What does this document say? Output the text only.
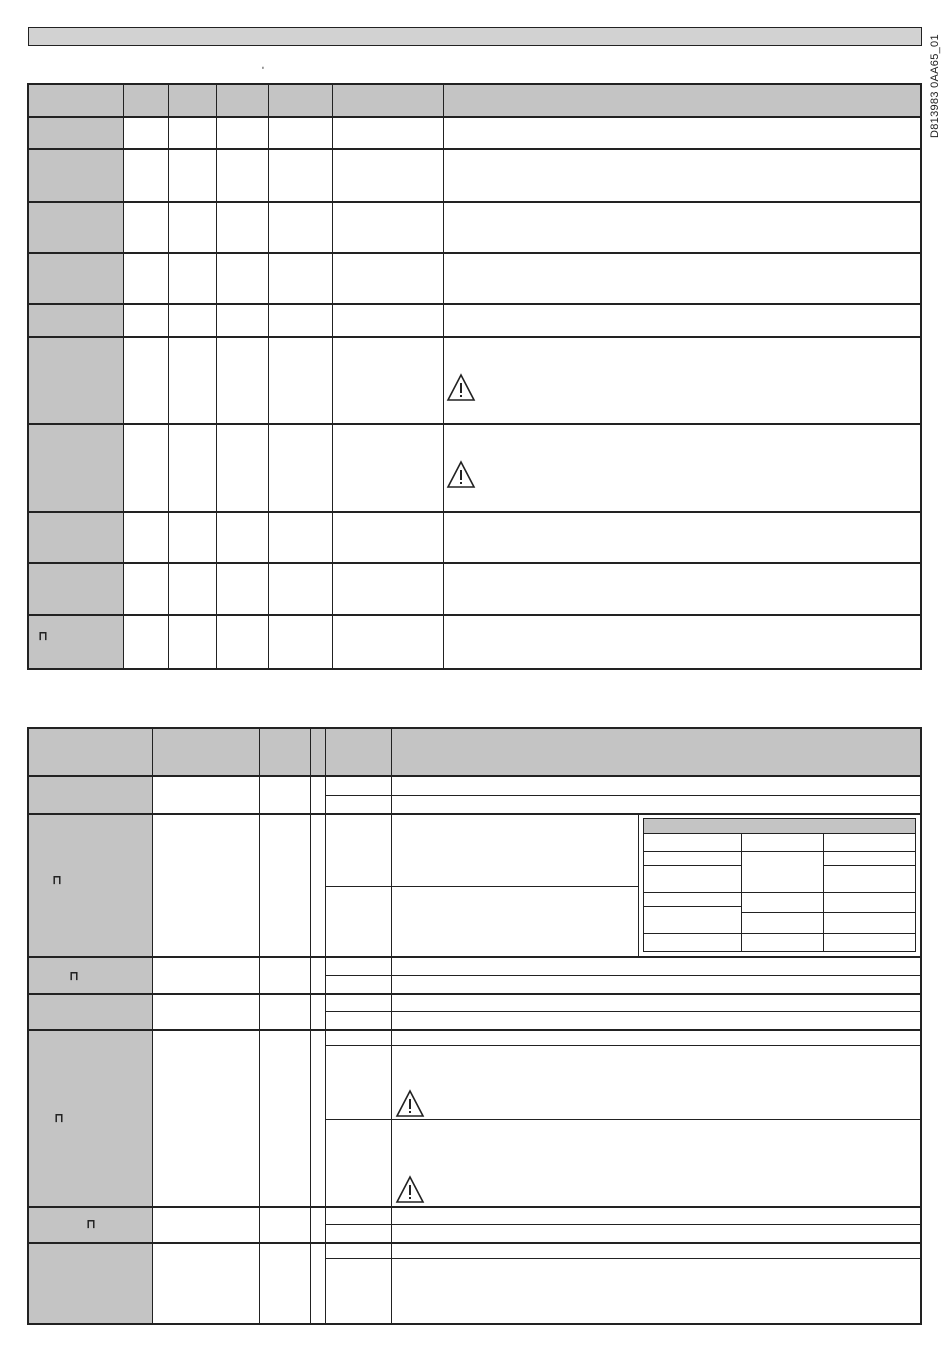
D813983 0AA65_01
ʹ
⊓
⊓
⊓
⊓
⊓
